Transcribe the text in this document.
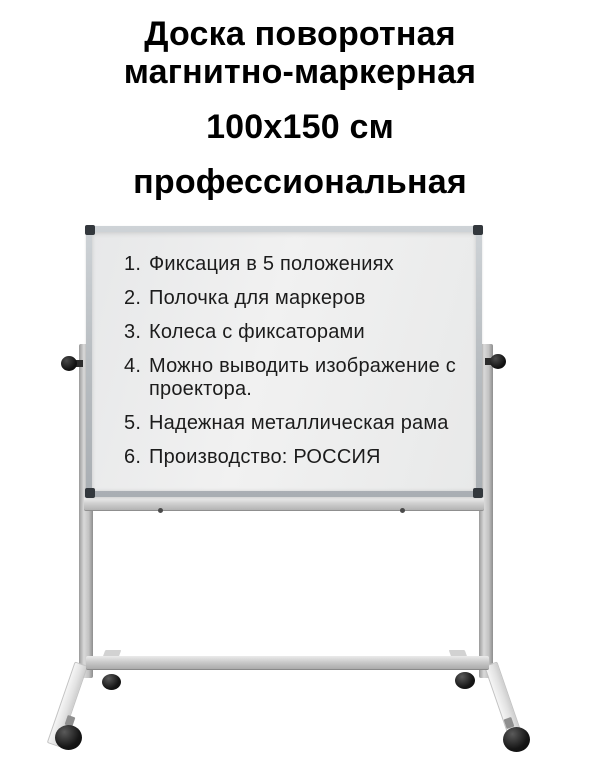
Доска поворотная
магнитно-маркерная
100х150 см
профессиональная
1. Фиксация в 5 положениях
2. Полочка для маркеров
3. Колеса с фиксаторами
4. Можно выводить изображение с проектора.
5. Надежная металлическая рама
6. Производство: РОССИЯ
